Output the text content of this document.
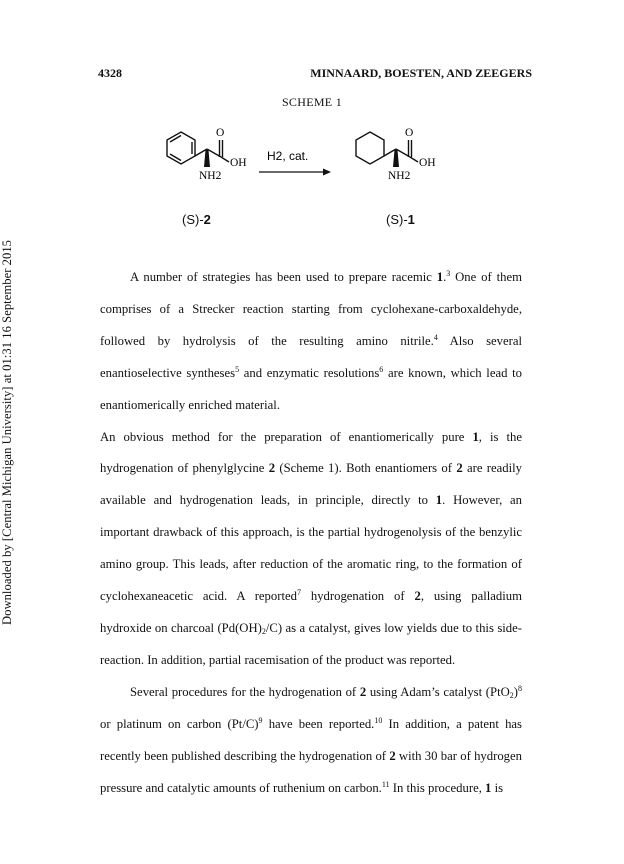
Downloaded by [Central Michigan University] at 01:31 16 September 2015
4328	MINNAARD, BOESTEN, AND ZEEGERS
SCHEME 1
O
OH
NH2
H2, cat.
O
OH
NH2
(S)-2	(S)-1

A number of strategies has been used to prepare racemic 1.$^3$ One of them comprises of a Strecker reaction starting from cyclohexane-carboxaldehyde, followed by hydrolysis of the resulting amino nitrile.$^4$ Also several enantioselective syntheses$^5$ and enzymatic resolutions$^6$ are known, which lead to enantiomerically enriched material.

An obvious method for the preparation of enantiomerically pure 1, is the hydrogenation of phenylglycine 2 (Scheme 1). Both enantiomers of 2 are readily available and hydrogenation leads, in principle, directly to 1. However, an important drawback of this approach, is the partial hydrogenolysis of the benzylic amino group. This leads, after reduction of the aromatic ring, to the formation of cyclohexaneacetic acid. A reported$^7$ hydrogenation of 2, using palladium hydroxide on charcoal $(Pd(OH)_2/C)$ as a catalyst, gives low yields due to this side-reaction. In addition, partial racemisation of the product was reported.

Several procedures for the hydrogenation of 2 using Adam’s catalyst $(PtO_2)^8$ or platinum on carbon $(Pt/C)^9$ have been reported.$^{10}$ In addition, a patent has recently been published describing the hydrogenation of 2 with 30 bar of hydrogen pressure and catalytic amounts of ruthenium on carbon.$^{11}$ In this procedure, 1 is
